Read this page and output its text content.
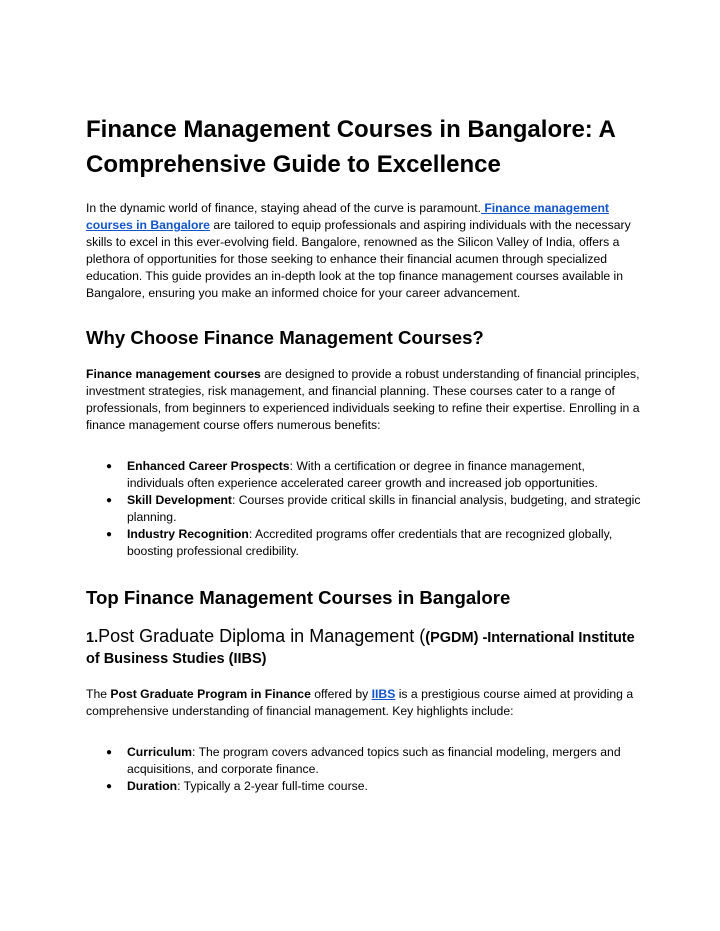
Finance Management Courses in Bangalore: A Comprehensive Guide to Excellence

In the dynamic world of finance, staying ahead of the curve is paramount. Finance management courses in Bangalore are tailored to equip professionals and aspiring individuals with the necessary skills to excel in this ever-evolving field. Bangalore, renowned as the Silicon Valley of India, offers a plethora of opportunities for those seeking to enhance their financial acumen through specialized education. This guide provides an in-depth look at the top finance management courses available in Bangalore, ensuring you make an informed choice for your career advancement.

Why Choose Finance Management Courses?

Finance management courses are designed to provide a robust understanding of financial principles, investment strategies, risk management, and financial planning. These courses cater to a range of professionals, from beginners to experienced individuals seeking to refine their expertise. Enrolling in a finance management course offers numerous benefits:

● Enhanced Career Prospects: With a certification or degree in finance management, individuals often experience accelerated career growth and increased job opportunities.
● Skill Development: Courses provide critical skills in financial analysis, budgeting, and strategic planning.
● Industry Recognition: Accredited programs offer credentials that are recognized globally, boosting professional credibility.
Top Finance Management Courses in Bangalore
1.Post Graduate Diploma in Management ((PGDM) -International Institute of Business Studies (IIBS)

The Post Graduate Program in Finance offered by IIBS is a prestigious course aimed at providing a comprehensive understanding of financial management. Key highlights include:

● Curriculum: The program covers advanced topics such as financial modeling, mergers and acquisitions, and corporate finance.
● Duration: Typically a 2-year full-time course.
